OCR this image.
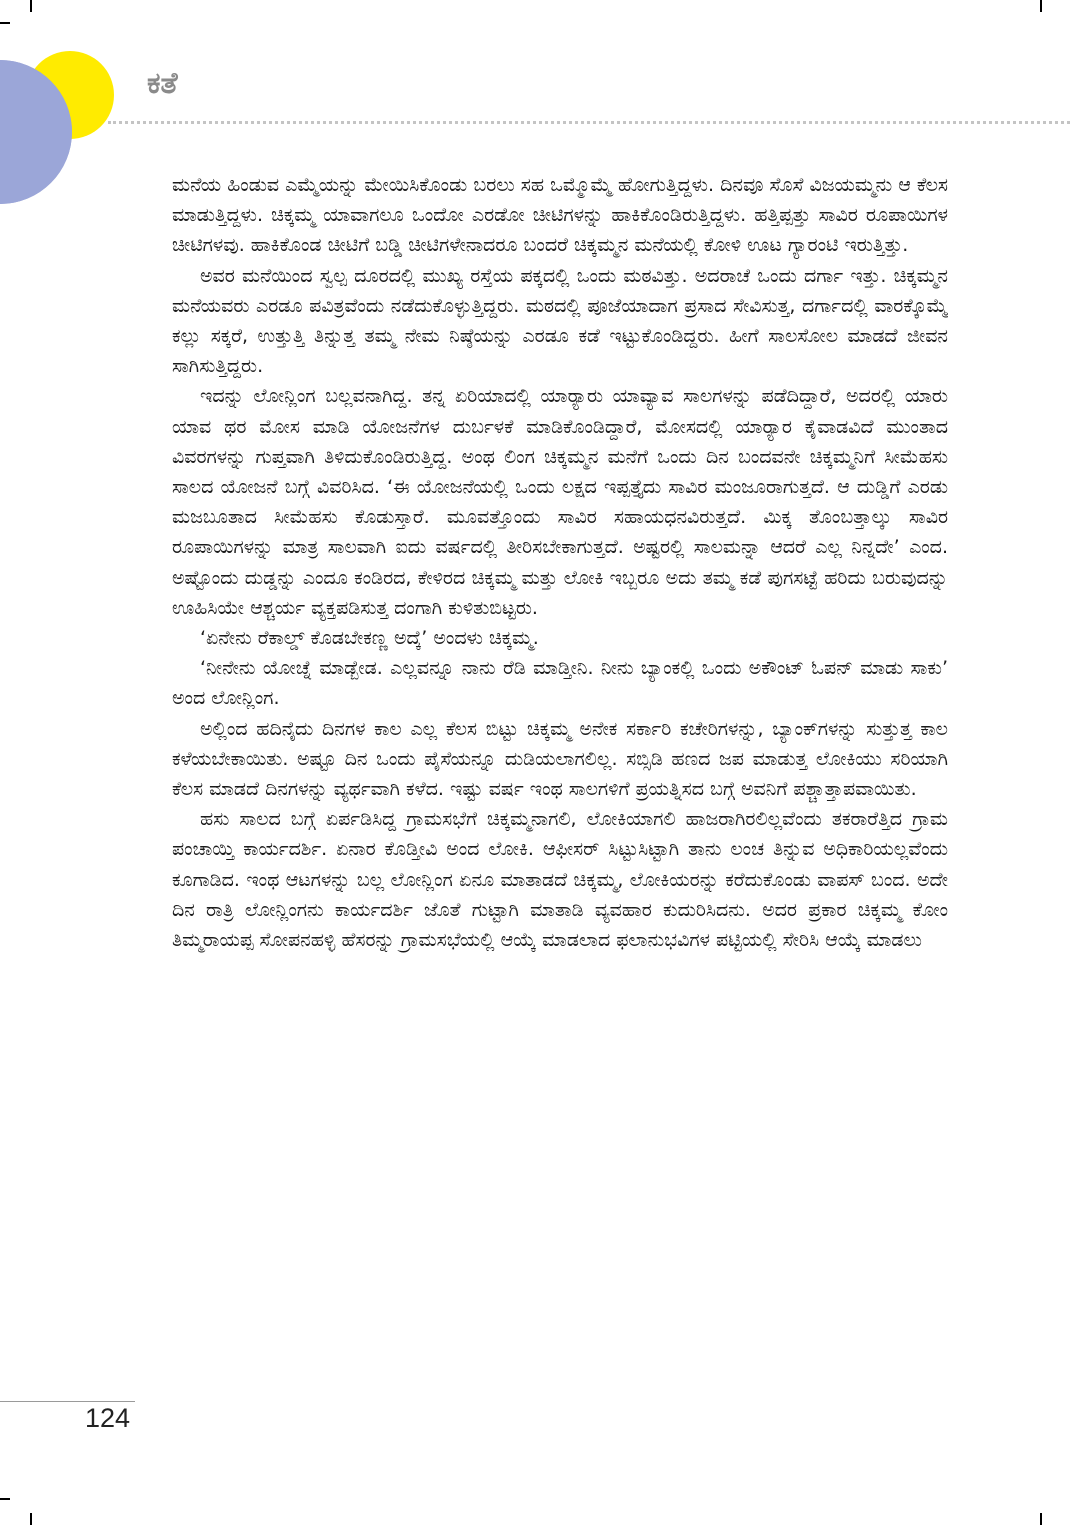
ಕತೆ

ಮನೆಯ ಹಿಂಡುವ ಎಮ್ಮೆಯನ್ನು ಮೇಯಿಸಿಕೊಂಡು ಬರಲು ಸಹ ಒಮ್ಮೊಮ್ಮೆ ಹೋಗುತ್ತಿದ್ದಳು. ದಿನವೂ ಸೊಸೆ ವಿಜಯಮ್ಮನು ಆ ಕೆಲಸ ಮಾಡುತ್ತಿದ್ದಳು. ಚಿಕ್ಕಮ್ಮ ಯಾವಾಗಲೂ ಒಂದೋ ಎರಡೋ ಚೀಟಿಗಳನ್ನು ಹಾಕಿಕೊಂಡಿರುತ್ತಿದ್ದಳು. ಹತ್ತಿಪ್ಪತ್ತು ಸಾವಿರ ರೂಪಾಯಿಗಳ ಚೀಟಿಗಳವು. ಹಾಕಿಕೊಂಡ ಚೀಟಿಗೆ ಬಡ್ಡಿ ಚೀಟಿಗಳೇನಾದರೂ ಬಂದರೆ ಚಿಕ್ಕಮ್ಮನ ಮನೆಯಲ್ಲಿ ಕೋಳಿ ಊಟ ಗ್ಯಾರಂಟಿ ಇರುತ್ತಿತ್ತು.

ಅವರ ಮನೆಯಿಂದ ಸ್ವಲ್ಪ ದೂರದಲ್ಲಿ ಮುಖ್ಯ ರಸ್ತೆಯ ಪಕ್ಕದಲ್ಲಿ ಒಂದು ಮಠವಿತ್ತು. ಅದರಾಚೆ ಒಂದು ದರ್ಗಾ ಇತ್ತು. ಚಿಕ್ಕಮ್ಮನ ಮನೆಯವರು ಎರಡೂ ಪವಿತ್ರವೆಂದು ನಡೆದುಕೊಳ್ಳುತ್ತಿದ್ದರು. ಮಠದಲ್ಲಿ ಪೂಜೆಯಾದಾಗ ಪ್ರಸಾದ ಸೇವಿಸುತ್ತ, ದರ್ಗಾದಲ್ಲಿ ವಾರಕ್ಕೊಮ್ಮೆ ಕಲ್ಲು ಸಕ್ಕರೆ, ಉತ್ತುತ್ತಿ ತಿನ್ನುತ್ತ ತಮ್ಮ ನೇಮ ನಿಷ್ಠೆಯನ್ನು ಎರಡೂ ಕಡೆ ಇಟ್ಟುಕೊಂಡಿದ್ದರು. ಹೀಗೆ ಸಾಲಸೋಲ ಮಾಡದೆ ಜೀವನ ಸಾಗಿಸುತ್ತಿದ್ದರು.

ಇದನ್ನು ಲೋನ್ಲಿಂಗ ಬಲ್ಲವನಾಗಿದ್ದ. ತನ್ನ ಏರಿಯಾದಲ್ಲಿ ಯಾರ್‍ಯಾರು ಯಾವ್ಯಾವ ಸಾಲಗಳನ್ನು ಪಡೆದಿದ್ದಾರೆ, ಅದರಲ್ಲಿ ಯಾರು ಯಾವ ಥರ ಮೋಸ ಮಾಡಿ ಯೋಜನೆಗಳ ದುರ್ಬಳಕೆ ಮಾಡಿಕೊಂಡಿದ್ದಾರೆ, ಮೋಸದಲ್ಲಿ ಯಾರ್‍ಯಾರ ಕೈವಾಡವಿದೆ ಮುಂತಾದ ವಿವರಗಳನ್ನು ಗುಪ್ತವಾಗಿ ತಿಳಿದುಕೊಂಡಿರುತ್ತಿದ್ದ. ಅಂಥ ಲಿಂಗ ಚಿಕ್ಕಮ್ಮನ ಮನೆಗೆ ಒಂದು ದಿನ ಬಂದವನೇ ಚಿಕ್ಕಮ್ಮನಿಗೆ ಸೀಮೆಹಸು ಸಾಲದ ಯೋಜನೆ ಬಗ್ಗೆ ವಿವರಿಸಿದ. ‘ಈ ಯೋಜನೆಯಲ್ಲಿ ಒಂದು ಲಕ್ಷದ ಇಪ್ಪತ್ತೈದು ಸಾವಿರ ಮಂಜೂರಾಗುತ್ತದೆ. ಆ ದುಡ್ಡಿಗೆ ಎರಡು ಮಜಬೂತಾದ ಸೀಮೆಹಸು ಕೊಡುಸ್ತಾರೆ. ಮೂವತ್ತೊಂದು ಸಾವಿರ ಸಹಾಯಧನವಿರುತ್ತದೆ. ಮಿಕ್ಕ ತೊಂಬತ್ತಾಲ್ಕು ಸಾವಿರ ರೂಪಾಯಿಗಳನ್ನು ಮಾತ್ರ ಸಾಲವಾಗಿ ಐದು ವರ್ಷದಲ್ಲಿ ತೀರಿಸಬೇಕಾಗುತ್ತದೆ. ಅಷ್ಟರಲ್ಲಿ ಸಾಲಮನ್ನಾ ಆದರೆ ಎಲ್ಲ ನಿನ್ನದೇ’ ಎಂದ. ಅಷ್ಟೊಂದು ದುಡ್ಡನ್ನು ಎಂದೂ ಕಂಡಿರದ, ಕೇಳಿರದ ಚಿಕ್ಕಮ್ಮ ಮತ್ತು ಲೋಕಿ ಇಬ್ಬರೂ ಅದು ತಮ್ಮ ಕಡೆ ಪುಗಸಟ್ಟೆ ಹರಿದು ಬರುವುದನ್ನು ಊಹಿಸಿಯೇ ಆಶ್ಚರ್ಯ ವ್ಯಕ್ತಪಡಿಸುತ್ತ ದಂಗಾಗಿ ಕುಳಿತುಬಿಟ್ಟರು.

‘ಏನೇನು ರೆಕಾಲ್ಡ್ ಕೊಡಬೇಕಣ್ಣ ಅದ್ಕೆ’ ಅಂದಳು ಚಿಕ್ಕಮ್ಮ.

‘ನೀನೇನು ಯೋಚ್ನೆ ಮಾಡ್ಬೇಡ. ಎಲ್ಲವನ್ನೂ ನಾನು ರೆಡಿ ಮಾಡ್ತೀನಿ. ನೀನು ಬ್ಯಾಂಕಲ್ಲಿ ಒಂದು ಅಕೌಂಟ್ ಓಪನ್ ಮಾಡು ಸಾಕು’ ಅಂದ ಲೋನ್ಲಿಂಗ.

ಅಲ್ಲಿಂದ ಹದಿನೈದು ದಿನಗಳ ಕಾಲ ಎಲ್ಲ ಕೆಲಸ ಬಿಟ್ಟು ಚಿಕ್ಕಮ್ಮ ಅನೇಕ ಸರ್ಕಾರಿ ಕಚೇರಿಗಳನ್ನು, ಬ್ಯಾಂಕ್‌ಗಳನ್ನು ಸುತ್ತುತ್ತ ಕಾಲ ಕಳೆಯಬೇಕಾಯಿತು. ಅಷ್ಟೂ ದಿನ ಒಂದು ಪೈಸೆಯನ್ನೂ ದುಡಿಯಲಾಗಲಿಲ್ಲ. ಸಬ್ಸಿಡಿ ಹಣದ ಜಪ ಮಾಡುತ್ತ ಲೋಕಿಯು ಸರಿಯಾಗಿ ಕೆಲಸ ಮಾಡದೆ ದಿನಗಳನ್ನು ವ್ಯರ್ಥವಾಗಿ ಕಳೆದ. ಇಷ್ಟು ವರ್ಷ ಇಂಥ ಸಾಲಗಳಿಗೆ ಪ್ರಯತ್ನಿಸದ ಬಗ್ಗೆ ಅವನಿಗೆ ಪಶ್ಚಾತ್ತಾಪವಾಯಿತು.

ಹಸು ಸಾಲದ ಬಗ್ಗೆ ಏರ್ಪಡಿಸಿದ್ದ ಗ್ರಾಮಸಭೆಗೆ ಚಿಕ್ಕಮ್ಮನಾಗಲಿ, ಲೋಕಿಯಾಗಲಿ ಹಾಜರಾಗಿರಲಿಲ್ಲವೆಂದು ತಕರಾರೆತ್ತಿದ ಗ್ರಾಮ ಪಂಚಾಯ್ತಿ ಕಾರ್ಯದರ್ಶಿ. ಏನಾರ ಕೊಡ್ತೀವಿ ಅಂದ ಲೋಕಿ. ಆಫೀಸರ್ ಸಿಟ್ಟುಸಿಟ್ಟಾಗಿ ತಾನು ಲಂಚ ತಿನ್ನುವ ಅಧಿಕಾರಿಯಲ್ಲವೆಂದು ಕೂಗಾಡಿದ. ಇಂಥ ಆಟಗಳನ್ನು ಬಲ್ಲ ಲೋನ್ಲಿಂಗ ಏನೂ ಮಾತಾಡದೆ ಚಿಕ್ಕಮ್ಮ, ಲೋಕಿಯರನ್ನು ಕರೆದುಕೊಂಡು ವಾಪಸ್ ಬಂದ. ಅದೇ ದಿನ ರಾತ್ರಿ ಲೋನ್ಲಿಂಗನು ಕಾರ್ಯದರ್ಶಿ ಜೊತೆ ಗುಟ್ಟಾಗಿ ಮಾತಾಡಿ ವ್ಯವಹಾರ ಕುದುರಿಸಿದನು. ಅದರ ಪ್ರಕಾರ ಚಿಕ್ಕಮ್ಮ ಕೋಂ ತಿಮ್ಮರಾಯಪ್ಪ ಸೋಪನಹಳ್ಳಿ ಹೆಸರನ್ನು ಗ್ರಾಮಸಭೆಯಲ್ಲಿ ಆಯ್ಕೆ ಮಾಡಲಾದ ಫಲಾನುಭವಿಗಳ ಪಟ್ಟಿಯಲ್ಲಿ ಸೇರಿಸಿ ಆಯ್ಕೆ ಮಾಡಲು

124
